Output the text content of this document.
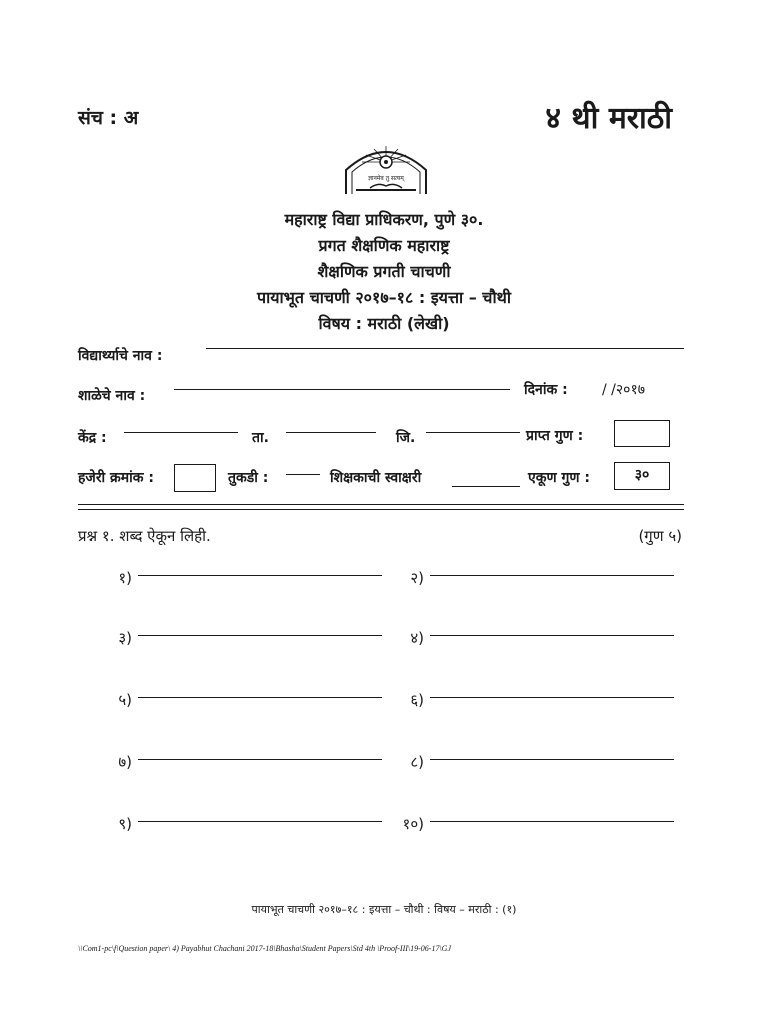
संच : अ	४ थी मराठी
ज्ञानमेव तु सत्यम्
महाराष्ट्र विद्या प्राधिकरण, पुणे ३०.
प्रगत शैक्षणिक महाराष्ट्र
शैक्षणिक प्रगती चाचणी
पायाभूत चाचणी २०१७–१८ : इयत्ता – चौथी
विषय : मराठी (लेखी)
विद्यार्थ्याचे नाव :
शाळेचे नाव :	दिनांक : / /२०१७
केंद्र :	ता.	जि.	प्राप्त गुण :
हजेरी क्रमांक :	तुकडी :	शिक्षकाची स्वाक्षरी	एकूण गुण :	३०
प्रश्न १. शब्द ऐकून लिही.	(गुण ५)
१)
३)
५)
७)
९)
२)
४)
६)
८)
१०)
पायाभूत चाचणी २०१७–१८ : इयत्ता – चौथी : विषय – मराठी : (१)
\\Com1-pc\f\Question paper\ 4) Payabhut Chachani 2017-18\Bhasha\Student Papers\Std 4th \Proof-III\19-06-17\GJ
